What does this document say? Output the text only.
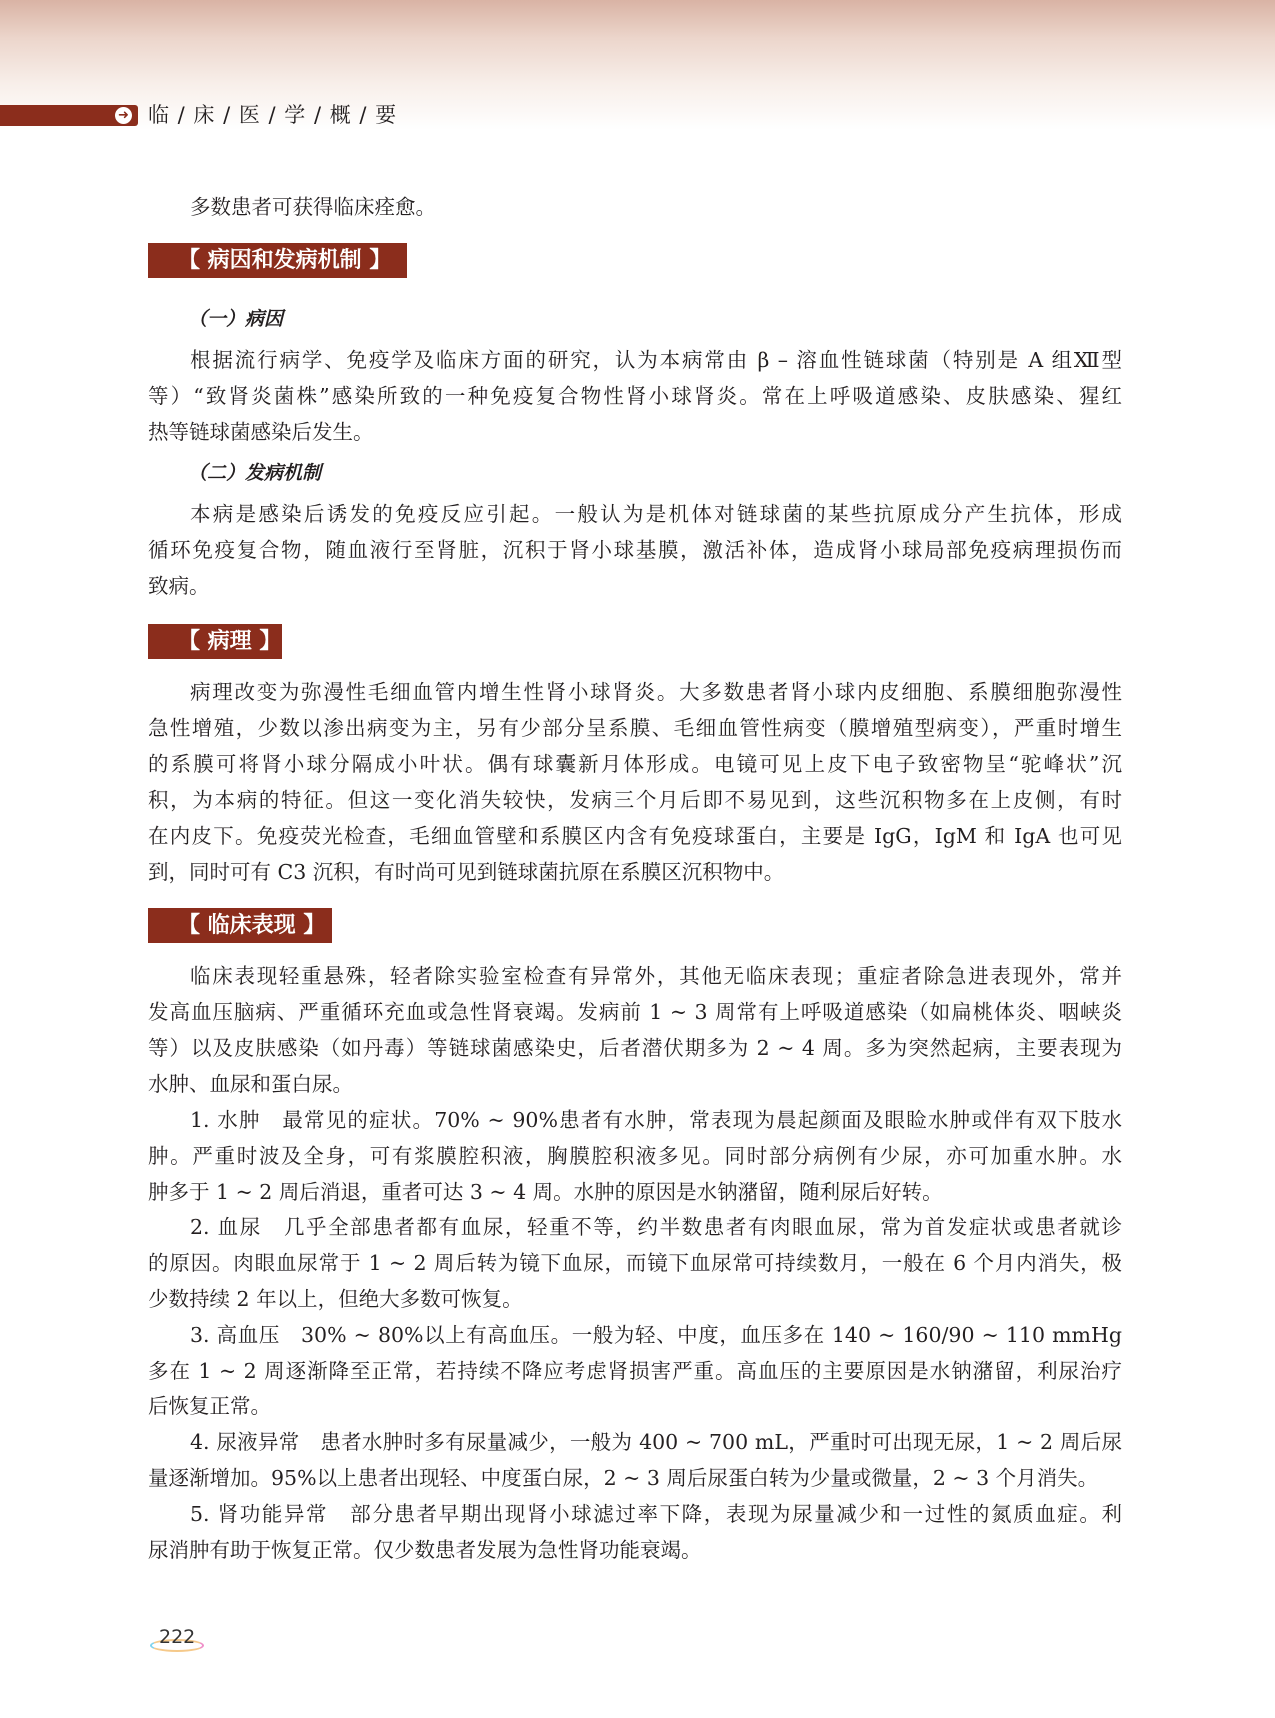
➜ 临 / 床 / 医 / 学 / 概 / 要
多数患者可获得临床痊愈。
【 病因和发病机制 】
（一）病因
根据流行病学、免疫学及临床方面的研究，认为本病常由 β – 溶血性链球菌（特别是 A 组Ⅻ型
等）“致肾炎菌株”感染所致的一种免疫复合物性肾小球肾炎。常在上呼吸道感染、皮肤感染、猩红
热等链球菌感染后发生。
（二）发病机制
本病是感染后诱发的免疫反应引起。一般认为是机体对链球菌的某些抗原成分产生抗体，形成
循环免疫复合物，随血液行至肾脏，沉积于肾小球基膜，激活补体，造成肾小球局部免疫病理损伤而
致病。
【 病理 】
病理改变为弥漫性毛细血管内增生性肾小球肾炎。大多数患者肾小球内皮细胞、系膜细胞弥漫性
急性增殖，少数以渗出病变为主，另有少部分呈系膜、毛细血管性病变（膜增殖型病变），严重时增生
的系膜可将肾小球分隔成小叶状。偶有球囊新月体形成。电镜可见上皮下电子致密物呈“驼峰状”沉
积，为本病的特征。但这一变化消失较快，发病三个月后即不易见到，这些沉积物多在上皮侧，有时
在内皮下。免疫荧光检查，毛细血管壁和系膜区内含有免疫球蛋白，主要是 IgG，IgM 和 IgA 也可见
到，同时可有 C3 沉积，有时尚可见到链球菌抗原在系膜区沉积物中。
【 临床表现 】
临床表现轻重悬殊，轻者除实验室检查有异常外，其他无临床表现；重症者除急进表现外，常并
发高血压脑病、严重循环充血或急性肾衰竭。发病前 1 ~ 3 周常有上呼吸道感染（如扁桃体炎、咽峡炎
等）以及皮肤感染（如丹毒）等链球菌感染史，后者潜伏期多为 2 ~ 4 周。多为突然起病，主要表现为
水肿、血尿和蛋白尿。
1. 水肿　最常见的症状。70% ~ 90%患者有水肿，常表现为晨起颜面及眼睑水肿或伴有双下肢水
肿。严重时波及全身，可有浆膜腔积液，胸膜腔积液多见。同时部分病例有少尿，亦可加重水肿。水
肿多于 1 ~ 2 周后消退，重者可达 3 ~ 4 周。水肿的原因是水钠潴留，随利尿后好转。
2. 血尿　几乎全部患者都有血尿，轻重不等，约半数患者有肉眼血尿，常为首发症状或患者就诊
的原因。肉眼血尿常于 1 ~ 2 周后转为镜下血尿，而镜下血尿常可持续数月，一般在 6 个月内消失，极
少数持续 2 年以上，但绝大多数可恢复。
3. 高血压　30% ~ 80%以上有高血压。一般为轻、中度，血压多在 140 ~ 160/90 ~ 110 mmHg
多在 1 ~ 2 周逐渐降至正常，若持续不降应考虑肾损害严重。高血压的主要原因是水钠潴留，利尿治疗
后恢复正常。
4. 尿液异常　患者水肿时多有尿量减少，一般为 400 ~ 700 mL，严重时可出现无尿，1 ~ 2 周后尿
量逐渐增加。95%以上患者出现轻、中度蛋白尿，2 ~ 3 周后尿蛋白转为少量或微量，2 ~ 3 个月消失。
5. 肾功能异常　部分患者早期出现肾小球滤过率下降，表现为尿量减少和一过性的氮质血症。利
尿消肿有助于恢复正常。仅少数患者发展为急性肾功能衰竭。
222
